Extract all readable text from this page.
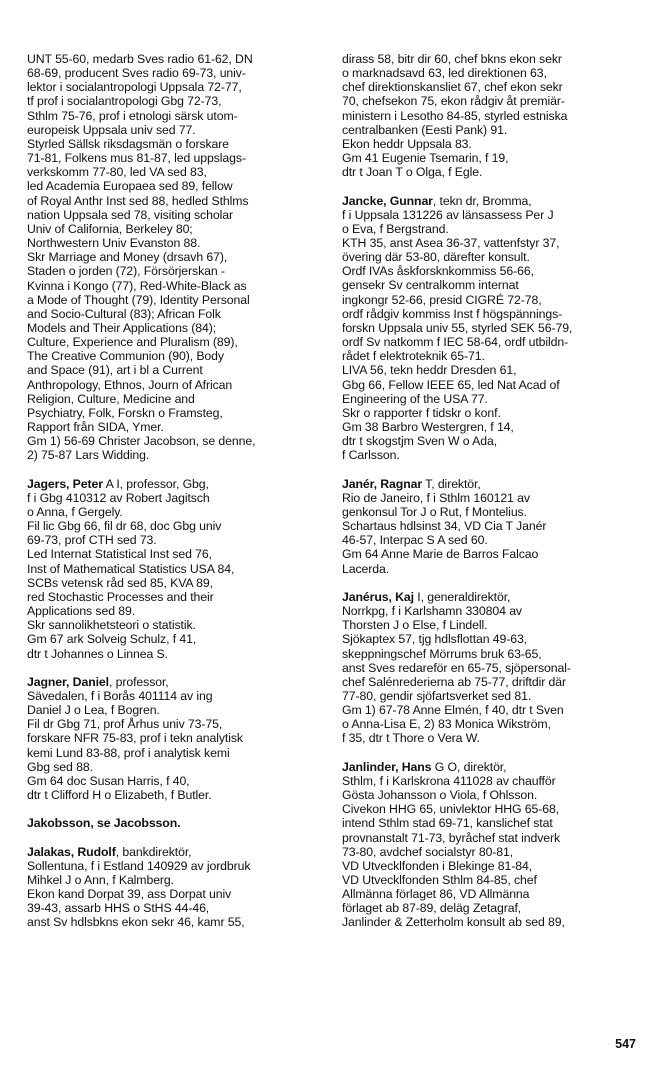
UNT 55-60, medarb Sves radio 61-62, DN
68-69, producent Sves radio 69-73, univ-
lektor i socialantropologi Uppsala 72-77,
tf prof i socialantropologi Gbg 72-73,
Sthlm 75-76, prof i etnologi särsk utom-
europeisk Uppsala univ sed 77.
Styrled Sällsk riksdagsmän o forskare
71-81, Folkens mus 81-87, led uppslags-
verkskomm 77-80, led VA sed 83,
led Academia Europaea sed 89, fellow
of Royal Anthr Inst sed 88, hedled Sthlms
nation Uppsala sed 78, visiting scholar
Univ of California, Berkeley 80;
Northwestern Univ Evanston 88.
Skr Marriage and Money (drsavh 67),
Staden o jorden (72), Försörjerskan -
Kvinna i Kongo (77), Red-White-Black as
a Mode of Thought (79), Identity Personal
and Socio-Cultural (83); African Folk
Models and Their Applications (84);
Culture, Experience and Pluralism (89),
The Creative Communion (90), Body
and Space (91), art i bl a Current
Anthropology, Ethnos, Journ of African
Religion, Culture, Medicine and
Psychiatry, Folk, Forskn o Framsteg,
Rapport från SIDA, Ymer.
Gm 1) 56-69 Christer Jacobson, se denne,
2) 75-87 Lars Widding.
Jagers, Peter A I, professor, Gbg,
f i Gbg 410312 av Robert Jagitsch
o Anna, f Gergely.
Fil lic Gbg 66, fil dr 68, doc Gbg univ
69-73, prof CTH sed 73.
Led Internat Statistical Inst sed 76,
Inst of Mathematical Statistics USA 84,
SCBs vetensk råd sed 85, KVA 89,
red Stochastic Processes and their
Applications sed 89.
Skr sannolikhetsteori o statistik.
Gm 67 ark Solveig Schulz, f 41,
dtr t Johannes o Linnea S.
Jagner, Daniel, professor,
Sävedalen, f i Borås 401114 av ing
Daniel J o Lea, f Bogren.
Fil dr Gbg 71, prof Århus univ 73-75,
forskare NFR 75-83, prof i tekn analytisk
kemi Lund 83-88, prof i analytisk kemi
Gbg sed 88.
Gm 64 doc Susan Harris, f 40,
dtr t Clifford H o Elizabeth, f Butler.
Jakobsson, se Jacobsson.
Jalakas, Rudolf, bankdirektör,
Sollentuna, f i Estland 140929 av jordbruk
Mihkel J o Ann, f Kalmberg.
Ekon kand Dorpat 39, ass Dorpat univ
39-43, assarb HHS o StHS 44-46,
anst Sv hdlsbkns ekon sekr 46, kamr 55,
dirass 58, bitr dir 60, chef bkns ekon sekr
o marknadsavd 63, led direktionen 63,
chef direktionskansliet 67, chef ekon sekr
70, chefsekon 75, ekon rådgiv åt premiär-
ministern i Lesotho 84-85, styrled estniska
centralbanken (Eesti Pank) 91.
Ekon heddr Uppsala 83.
Gm 41 Eugenie Tsemarin, f 19,
dtr t Joan T o Olga, f Egle.
Jancke, Gunnar, tekn dr, Bromma,
f i Uppsala 131226 av länsassess Per J
o Eva, f Bergstrand.
KTH 35, anst Asea 36-37, vattenfstyr 37,
övering där 53-80, därefter konsult.
Ordf IVAs åskforsknkommiss 56-66,
gensekr Sv centralkomm internat
ingkongr 52-66, presid CIGRÉ 72-78,
ordf rådgiv kommiss Inst f högspännings-
forskn Uppsala univ 55, styrled SEK 56-79,
ordf Sv natkomm f IEC 58-64, ordf utbildn-
rådet f elektroteknik 65-71.
LIVA 56, tekn heddr Dresden 61,
Gbg 66, Fellow IEEE 65, led Nat Acad of
Engineering of the USA 77.
Skr o rapporter f tidskr o konf.
Gm 38 Barbro Westergren, f 14,
dtr t skogstjm Sven W o Ada,
f Carlsson.
Janér, Ragnar T, direktör,
Rio de Janeiro, f i Sthlm 160121 av
genkonsul Tor J o Rut, f Montelius.
Schartaus hdlsinst 34, VD Cia T Janér
46-57, Interpac S A sed 60.
Gm 64 Anne Marie de Barros Falcao
Lacerda.
Janérus, Kaj I, generaldirektör,
Norrkpg, f i Karlshamn 330804 av
Thorsten J o Else, f Lindell.
Sjökaptex 57, tjg hdlsflottan 49-63,
skeppningschef Mörrums bruk 63-65,
anst Sves redareför en 65-75, sjöpersonal-
chef Salénrederierna ab 75-77, driftdir där
77-80, gendir sjöfartsverket sed 81.
Gm 1) 67-78 Anne Elmén, f 40, dtr t Sven
o Anna-Lisa E, 2) 83 Monica Wikström,
f 35, dtr t Thore o Vera W.
Janlinder, Hans G O, direktör,
Sthlm, f i Karlskrona 411028 av chaufför
Gösta Johansson o Viola, f Ohlsson.
Civekon HHG 65, univlektor HHG 65-68,
intend Sthlm stad 69-71, kanslichef stat
provnanstalt 71-73, byråchef stat indverk
73-80, avdchef socialstyr 80-81,
VD Utvecklfonden i Blekinge 81-84,
VD Utvecklfonden Sthlm 84-85, chef
Allmänna förlaget 86, VD Allmänna
förlaget ab 87-89, deläg Zetagraf,
Janlinder & Zetterholm konsult ab sed 89,
547
